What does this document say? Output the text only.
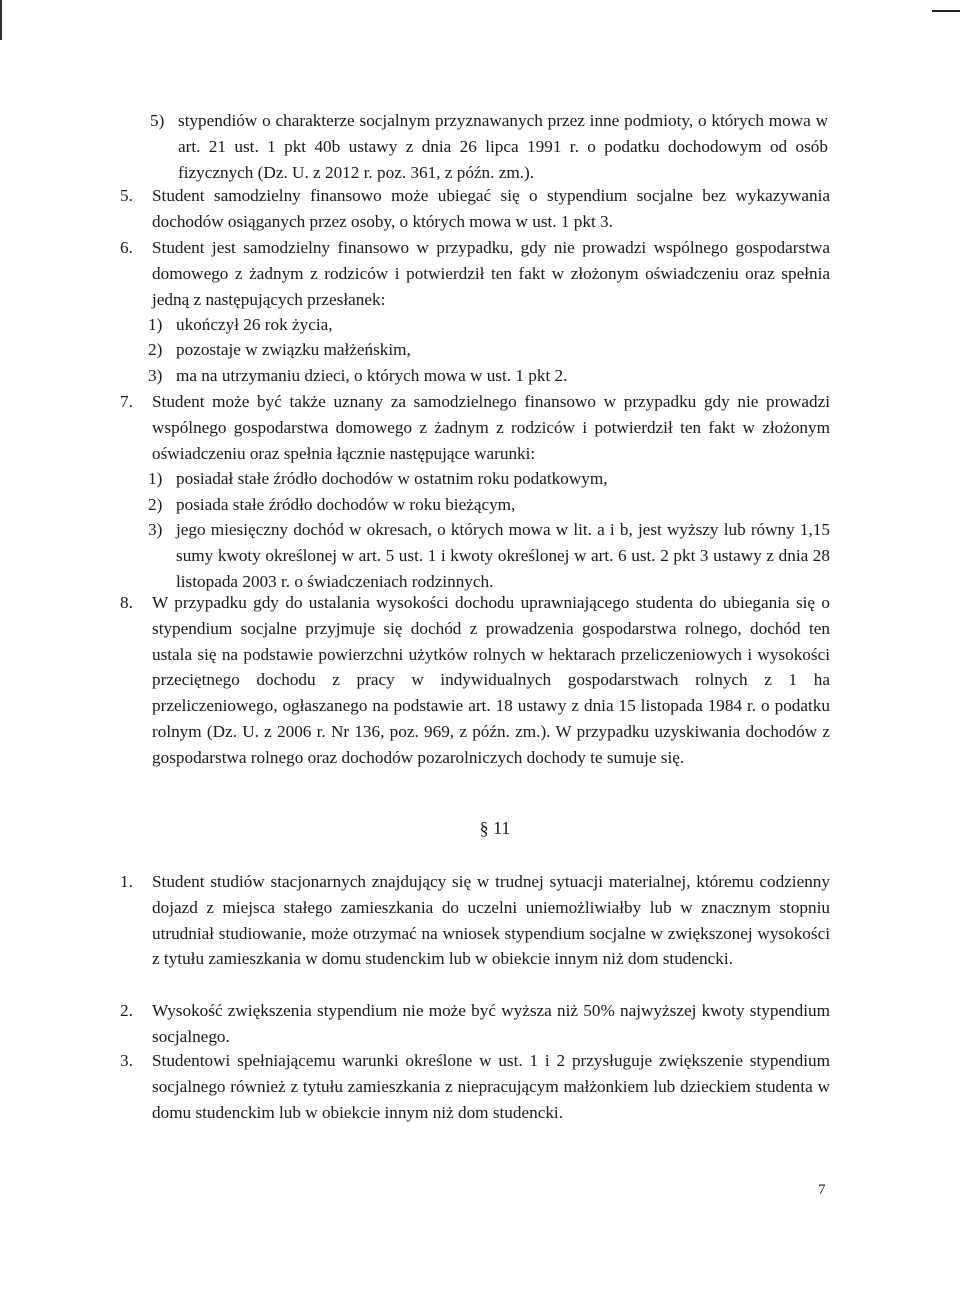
5) stypendiów o charakterze socjalnym przyznawanych przez inne podmioty, o których mowa w art. 21 ust. 1 pkt 40b ustawy z dnia 26 lipca 1991 r. o podatku dochodowym od osób fizycznych (Dz. U. z 2012 r. poz. 361, z późn. zm.).
5. Student samodzielny finansowo może ubiegać się o stypendium socjalne bez wykazywania dochodów osiąganych przez osoby, o których mowa w ust. 1 pkt 3.
6. Student jest samodzielny finansowo w przypadku, gdy nie prowadzi wspólnego gospodarstwa domowego z żadnym z rodziców i potwierdził ten fakt w złożonym oświadczeniu oraz spełnia jedną z następujących przesłanek:
1) ukończył 26 rok życia,
2) pozostaje w związku małżeńskim,
3) ma na utrzymaniu dzieci, o których mowa w ust. 1 pkt 2.
7. Student może być także uznany za samodzielnego finansowo w przypadku gdy nie prowadzi wspólnego gospodarstwa domowego z żadnym z rodziców i potwierdził ten fakt w złożonym oświadczeniu oraz spełnia łącznie następujące warunki:
1) posiadał stałe źródło dochodów w ostatnim roku podatkowym,
2) posiada stałe źródło dochodów w roku bieżącym,
3) jego miesięczny dochód w okresach, o których mowa w lit. a i b, jest wyższy lub równy 1,15 sumy kwoty określonej w art. 5 ust. 1 i kwoty określonej w art. 6 ust. 2 pkt 3 ustawy z dnia 28 listopada 2003 r. o świadczeniach rodzinnych.
8. W przypadku gdy do ustalania wysokości dochodu uprawniającego studenta do ubiegania się o stypendium socjalne przyjmuje się dochód z prowadzenia gospodarstwa rolnego, dochód ten ustala się na podstawie powierzchni użytków rolnych w hektarach przeliczeniowych i wysokości przeciętnego dochodu z pracy w indywidualnych gospodarstwach rolnych z 1 ha przeliczeniowego, ogłaszanego na podstawie art. 18 ustawy z dnia 15 listopada 1984 r. o podatku rolnym (Dz. U. z 2006 r. Nr 136, poz. 969, z późn. zm.). W przypadku uzyskiwania dochodów z gospodarstwa rolnego oraz dochodów pozarolniczych dochody te sumuje się.
§ 11
1. Student studiów stacjonarnych znajdujący się w trudnej sytuacji materialnej, któremu codzienny dojazd z miejsca stałego zamieszkania do uczelni uniemożliwiałby lub w znacznym stopniu utrudniał studiowanie, może otrzymać na wniosek stypendium socjalne w zwiększonej wysokości z tytułu zamieszkania w domu studenckim lub w obiekcie innym niż dom studencki.
2. Wysokość zwiększenia stypendium nie może być wyższa niż 50% najwyższej kwoty stypendium socjalnego.
3. Studentowi spełniającemu warunki określone w ust. 1 i 2 przysługuje zwiększenie stypendium socjalnego również z tytułu zamieszkania z niepracującym małżonkiem lub dzieckiem studenta w domu studenckim lub w obiekcie innym niż dom studencki.
7
